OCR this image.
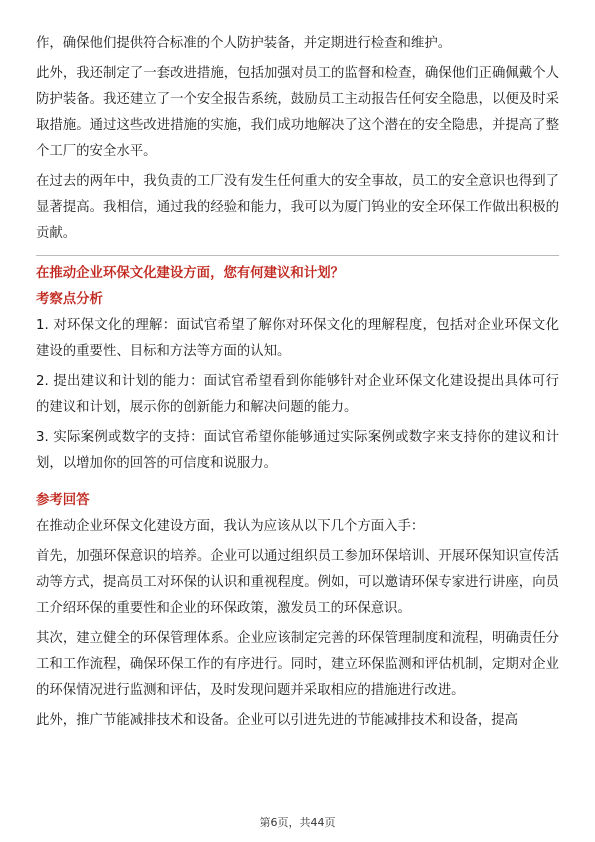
作，确保他们提供符合标准的个人防护装备，并定期进行检查和维护。

此外，我还制定了一套改进措施，包括加强对员工的监督和检查，确保他们正确佩戴个人防护装备。我还建立了一个安全报告系统，鼓励员工主动报告任何安全隐患，以便及时采取措施。通过这些改进措施的实施，我们成功地解决了这个潜在的安全隐患，并提高了整个工厂的安全水平。

在过去的两年中，我负责的工厂没有发生任何重大的安全事故，员工的安全意识也得到了显著提高。我相信，通过我的经验和能力，我可以为厦门钨业的安全环保工作做出积极的贡献。

在推动企业环保文化建设方面，您有何建议和计划？
考察点分析

1. 对环保文化的理解：面试官希望了解你对环保文化的理解程度，包括对企业环保文化建设的重要性、目标和方法等方面的认知。

2. 提出建议和计划的能力：面试官希望看到你能够针对企业环保文化建设提出具体可行的建议和计划，展示你的创新能力和解决问题的能力。

3. 实际案例或数字的支持：面试官希望你能够通过实际案例或数字来支持你的建议和计划，以增加你的回答的可信度和说服力。

参考回答

在推动企业环保文化建设方面，我认为应该从以下几个方面入手：

首先，加强环保意识的培养。企业可以通过组织员工参加环保培训、开展环保知识宣传活动等方式，提高员工对环保的认识和重视程度。例如，可以邀请环保专家进行讲座，向员工介绍环保的重要性和企业的环保政策，激发员工的环保意识。

其次，建立健全的环保管理体系。企业应该制定完善的环保管理制度和流程，明确责任分工和工作流程，确保环保工作的有序进行。同时，建立环保监测和评估机制，定期对企业的环保情况进行监测和评估，及时发现问题并采取相应的措施进行改进。

此外，推广节能减排技术和设备。企业可以引进先进的节能减排技术和设备，提高

第6页，共44页
